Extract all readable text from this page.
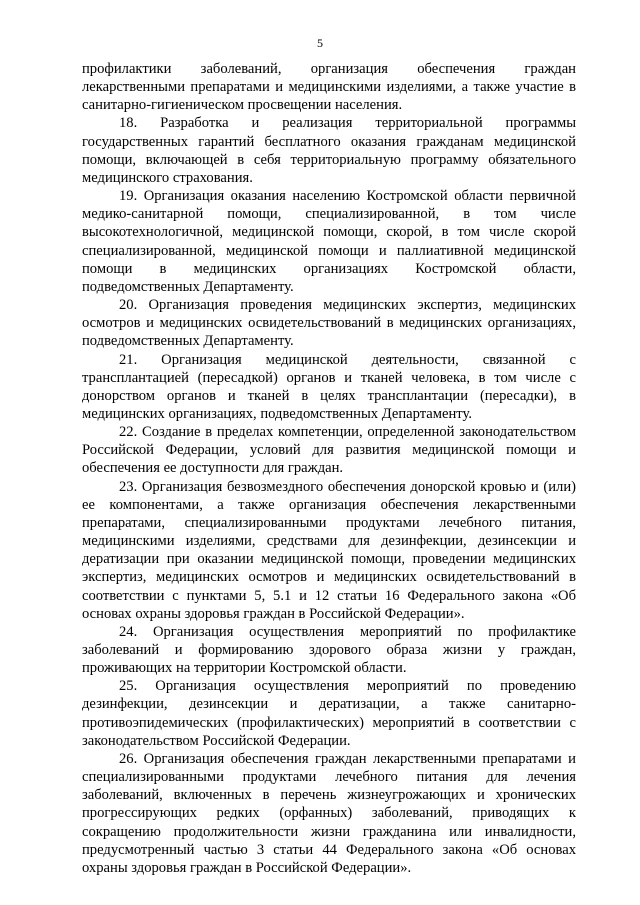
5

профилактики заболеваний, организация обеспечения граждан лекарственными препаратами и медицинскими изделиями, а также участие в санитарно-гигиеническом просвещении населения.

18. Разработка и реализация территориальной программы государственных гарантий бесплатного оказания гражданам медицинской помощи, включающей в себя территориальную программу обязательного медицинского страхования.

19. Организация оказания населению Костромской области первичной медико-санитарной помощи, специализированной, в том числе высокотехнологичной, медицинской помощи, скорой, в том числе скорой специализированной, медицинской помощи и паллиативной медицинской помощи в медицинских организациях Костромской области, подведомственных Департаменту.

20. Организация проведения медицинских экспертиз, медицинских осмотров и медицинских освидетельствований в медицинских организациях, подведомственных Департаменту.

21. Организация медицинской деятельности, связанной с трансплантацией (пересадкой) органов и тканей человека, в том числе с донорством органов и тканей в целях трансплантации (пересадки), в медицинских организациях, подведомственных Департаменту.

22. Создание в пределах компетенции, определенной законодательством Российской Федерации, условий для развития медицинской помощи и обеспечения ее доступности для граждан.

23. Организация безвозмездного обеспечения донорской кровью и (или) ее компонентами, а также организация обеспечения лекарственными препаратами, специализированными продуктами лечебного питания, медицинскими изделиями, средствами для дезинфекции, дезинсекции и дератизации при оказании медицинской помощи, проведении медицинских экспертиз, медицинских осмотров и медицинских освидетельствований в соответствии с пунктами 5, 5.1 и 12 статьи 16 Федерального закона «Об основах охраны здоровья граждан в Российской Федерации».

24. Организация осуществления мероприятий по профилактике заболеваний и формированию здорового образа жизни у граждан, проживающих на территории Костромской области.

25. Организация осуществления мероприятий по проведению дезинфекции, дезинсекции и дератизации, а также санитарно-противоэпидемических (профилактических) мероприятий в соответствии с законодательством Российской Федерации.

26. Организация обеспечения граждан лекарственными препаратами и специализированными продуктами лечебного питания для лечения заболеваний, включенных в перечень жизнеугрожающих и хронических прогрессирующих редких (орфанных) заболеваний, приводящих к сокращению продолжительности жизни гражданина или инвалидности, предусмотренный частью 3 статьи 44 Федерального закона «Об основах охраны здоровья граждан в Российской Федерации».
